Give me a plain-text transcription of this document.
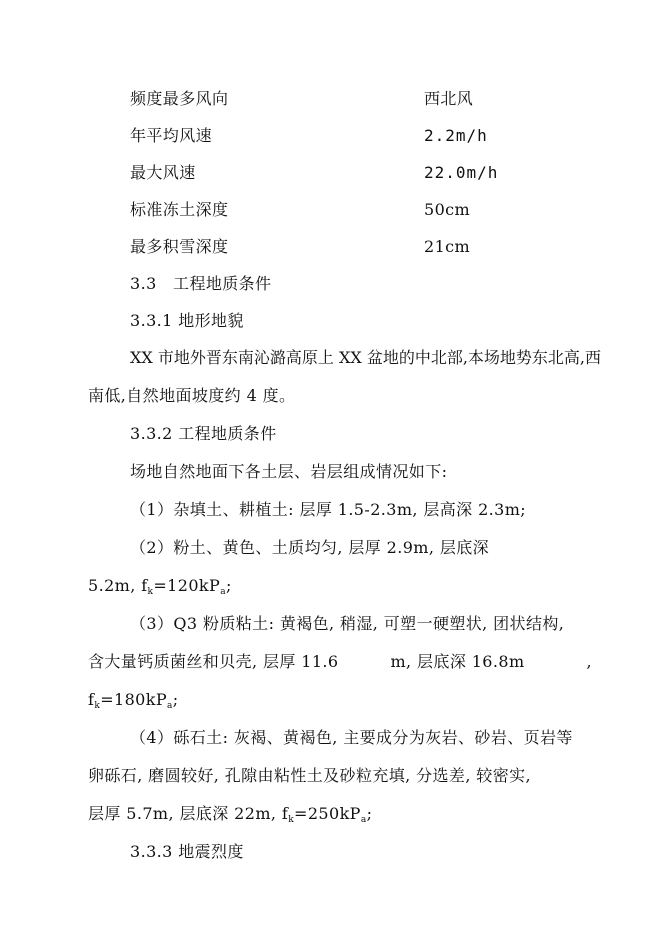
频度最多风向	西北风
年平均风速	2.2m/h
最大风速	22.0m/h
标准冻土深度	50cm
最多积雪深度	21cm
3.3　工程地质条件
3.3.1 地形地貌
XX 市地外晋东南沁潞高原上 XX 盆地的中北部,本场地势东北高,西
南低,自然地面坡度约 4 度。
3.3.2 工程地质条件
场地自然地面下各土层、岩层组成情况如下:
（1）杂填土、耕植土: 层厚 1.5-2.3m, 层高深 2.3m;
（2）粉土、黄色、土质均匀, 层厚 2.9m, 层底深
5.2m, $f_k=120kP_a$;
（3）Q3 粉质粘土: 黄褐色, 稍湿, 可塑一硬塑状, 团状结构,
含大量钙质菌丝和贝壳, 层厚 11.6	m, 层底深 16.8m	,
$f_k=180kP_a$;
（4）砾石土: 灰褐、黄褐色, 主要成分为灰岩、砂岩、页岩等
卵砾石, 磨圆较好, 孔隙由粘性土及砂粒充填, 分选差, 较密实,
层厚 5.7m, 层底深 22m, $f_k=250kP_a$;
3.3.3 地震烈度
